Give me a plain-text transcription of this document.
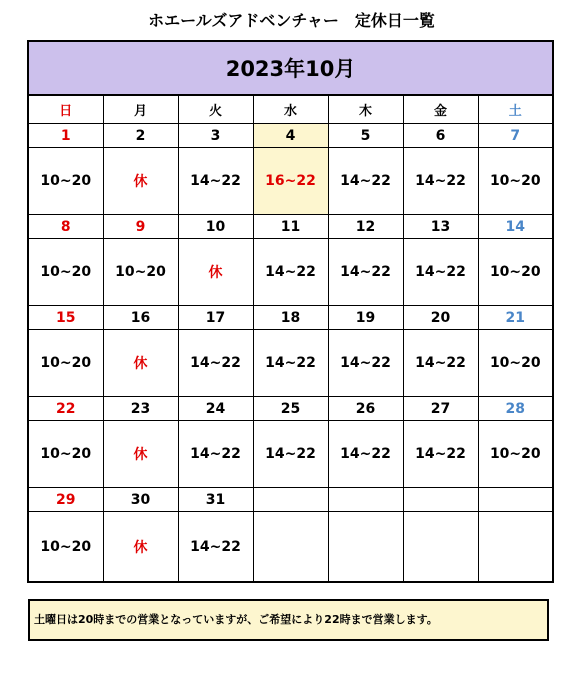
ホエールズアドベンチャー　定休日一覧
2023年10月						
日	月	火	水	木	金	土
1	2	3	4	5	6	7
10~20	休	14~22	16~22	14~22	14~22	10~20
8	9	10	11	12	13	14
10~20	10~20	休	14~22	14~22	14~22	10~20
15	16	17	18	19	20	21
10~20	休	14~22	14~22	14~22	14~22	10~20
22	23	24	25	26	27	28
10~20	休	14~22	14~22	14~22	14~22	10~20
29	30	31				
10~20	休	14~22				
土曜日は20時までの営業となっていますが、ご希望により22時まで営業します。
